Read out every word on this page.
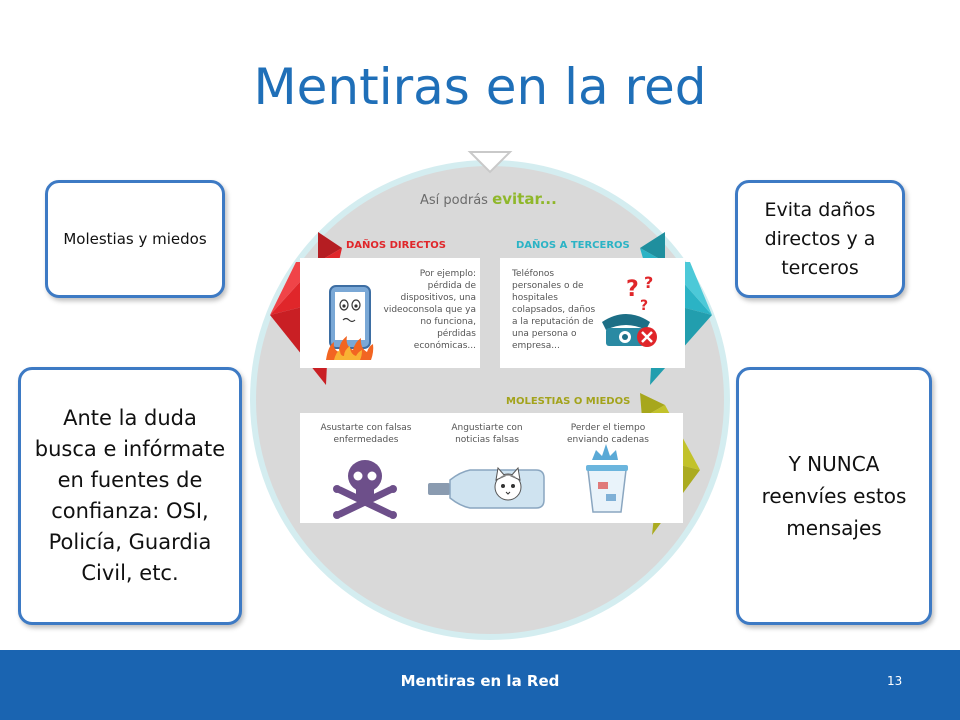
Mentiras en la red
Así podrás evitar...
DAÑOS DIRECTOS	DAÑOS A TERCEROS
MOLESTIAS O MIEDOS
Por ejemplo:
pérdida de
dispositivos, una
videoconsola que ya
no funciona,
pérdidas
económicas...
Teléfonos
personales o de
hospitales
colapsados, daños
a la reputación de
una persona o
empresa...
? ?
?
Asustarte con falsas
enfermedades
Angustiarte con
noticias falsas
Perder el tiempo
enviando cadenas
Molestias y miedos
Ante la duda busca e infórmate en fuentes de confianza: OSI, Policía, Guardia Civil, etc.
Evita daños directos y a terceros
Y NUNCA reenvíes estos mensajes
Mentiras en la Red	13
